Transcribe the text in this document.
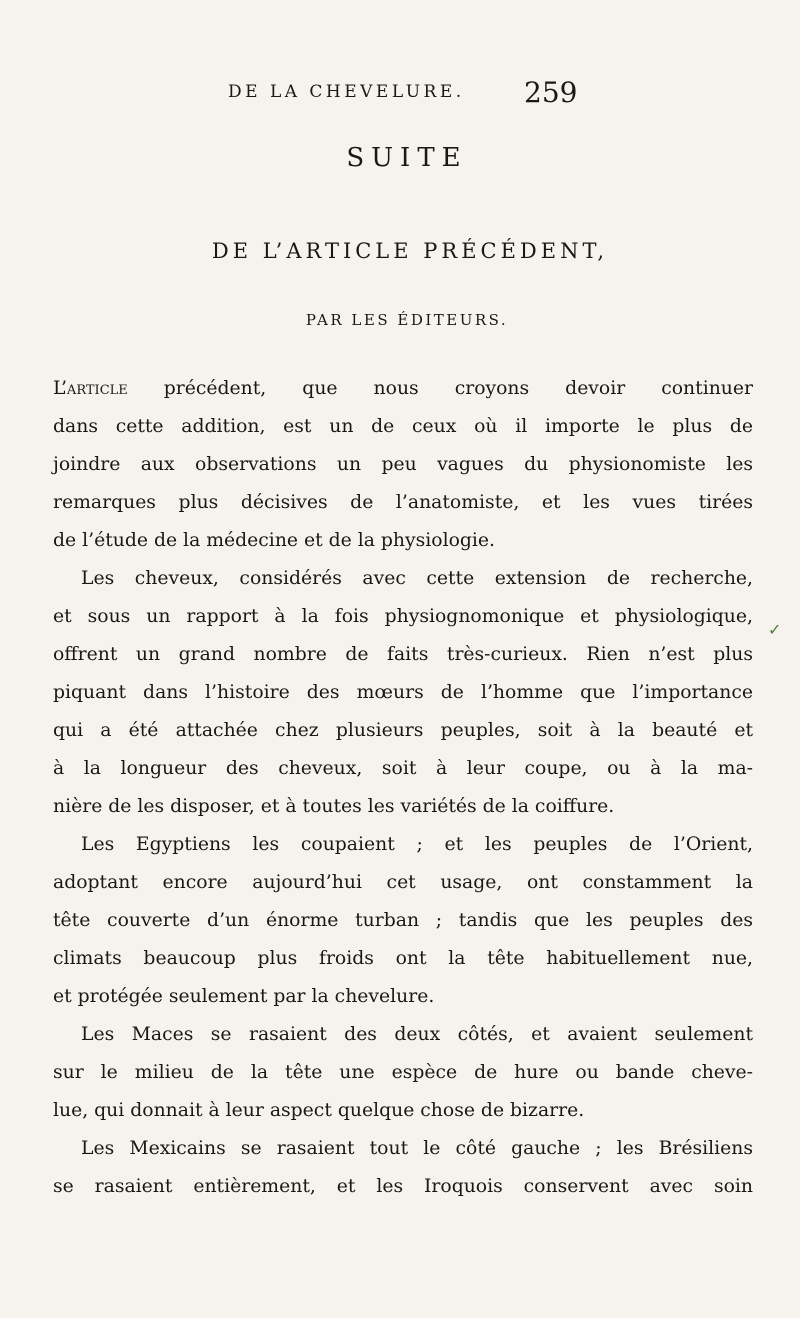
DE LA CHEVELURE. 259
SUITE
DE L’ARTICLE PRÉCÉDENT,
PAR LES ÉDITEURS.
L’article précédent, que nous croyons devoir continuer
dans cette addition, est un de ceux où il importe le plus de
joindre aux observations un peu vagues du physionomiste les
remarques plus décisives de l’anatomiste, et les vues tirées
de l’étude de la médecine et de la physiologie.
Les cheveux, considérés avec cette extension de recherche,
et sous un rapport à la fois physiognomonique et physiologique,
offrent un grand nombre de faits très-curieux. Rien n’est plus
piquant dans l’histoire des mœurs de l’homme que l’importance
qui a été attachée chez plusieurs peuples, soit à la beauté et
à la longueur des cheveux, soit à leur coupe, ou à la ma-
nière de les disposer, et à toutes les variétés de la coiffure.
Les Egyptiens les coupaient ; et les peuples de l’Orient,
adoptant encore aujourd’hui cet usage, ont constamment la
tête couverte d’un énorme turban ; tandis que les peuples des
climats beaucoup plus froids ont la tête habituellement nue,
et protégée seulement par la chevelure.
Les Maces se rasaient des deux côtés, et avaient seulement
sur le milieu de la tête une espèce de hure ou bande cheve-
lue, qui donnait à leur aspect quelque chose de bizarre.
Les Mexicains se rasaient tout le côté gauche ; les Brésiliens
se rasaient entièrement, et les Iroquois conservent avec soin
✓
